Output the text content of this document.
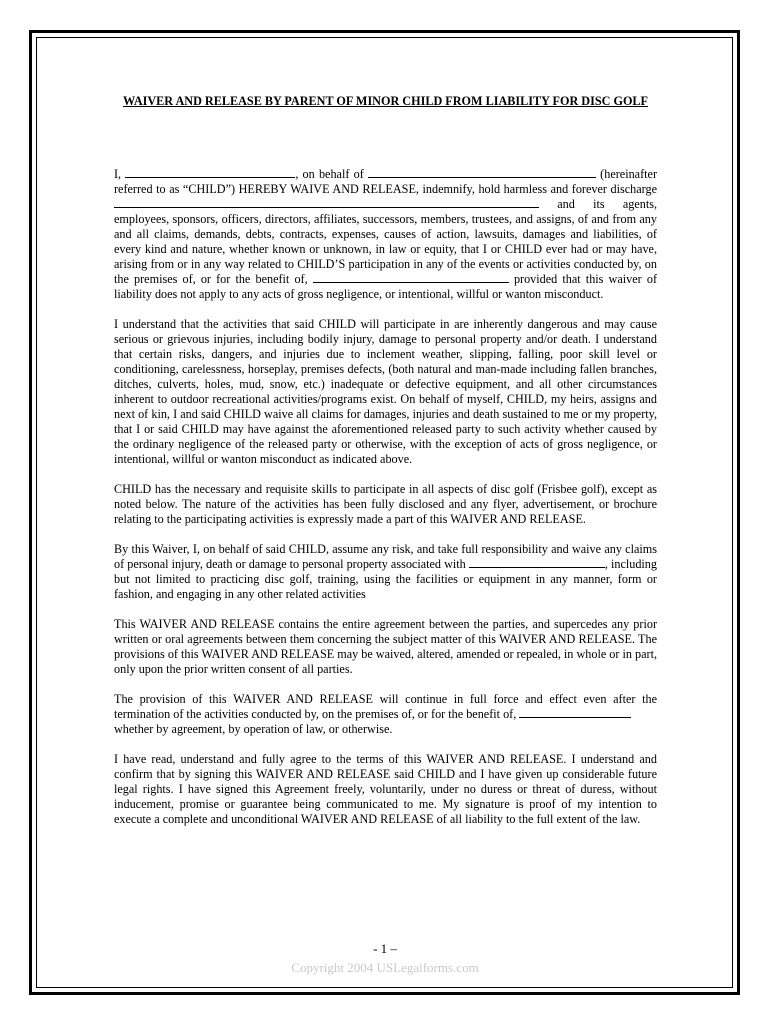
WAIVER AND RELEASE BY PARENT OF MINOR CHILD FROM LIABILITY FOR DISC GOLF

I,	, on behalf of	(hereinafter referred to as “CHILD”) HEREBY WAIVE AND RELEASE, indemnify, hold harmless and forever discharge  and its agents, employees, sponsors, officers, directors, affiliates, successors, members, trustees, and assigns, of and from any and all claims, demands, debts, contracts, expenses, causes of action, lawsuits, damages and liabilities, of every kind and nature, whether known or unknown, in law or equity, that I or CHILD ever had or may have, arising from or in any way related to CHILD’S participation in any of the events or activities conducted by, on the premises of, or for the benefit of,	provided that this waiver of liability does not apply to any acts of gross negligence, or intentional, willful or wanton misconduct.

I understand that the activities that said CHILD will participate in are inherently dangerous and may cause serious or grievous injuries, including bodily injury, damage to personal property and/or death. I understand that certain risks, dangers, and injuries due to inclement weather, slipping, falling, poor skill level or conditioning, carelessness, horseplay, premises defects, (both natural and man-made including fallen branches, ditches, culverts, holes, mud, snow, etc.) inadequate or defective equipment, and all other circumstances inherent to outdoor recreational activities/programs exist. On behalf of myself, CHILD, my heirs, assigns and next of kin, I and said CHILD waive all claims for damages, injuries and death sustained to me or my property, that I or said CHILD may have against the aforementioned released party to such activity whether caused by the ordinary negligence of the released party or otherwise, with the exception of acts of gross negligence, or intentional, willful or wanton misconduct as indicated above.

CHILD has the necessary and requisite skills to participate in all aspects of disc golf (Frisbee golf), except as noted below. The nature of the activities has been fully disclosed and any flyer, advertisement, or brochure relating to the participating activities is expressly made a part of this WAIVER AND RELEASE.

By this Waiver, I, on behalf of said CHILD, assume any risk, and take full responsibility and waive any claims of personal injury, death or damage to personal property associated with	, including but not limited to practicing disc golf, training, using the facilities or equipment in any manner, form or fashion, and engaging in any other related activities

This WAIVER AND RELEASE contains the entire agreement between the parties, and supercedes any prior written or oral agreements between them concerning the subject matter of this WAIVER AND RELEASE. The provisions of this WAIVER AND RELEASE may be waived, altered, amended or repealed, in whole or in part, only upon the prior written consent of all parties.

The provision of this WAIVER AND RELEASE will continue in full force and effect even after the termination of the activities conducted by, on the premises of, or for the benefit of,
whether by agreement, by operation of law, or otherwise.

I have read, understand and fully agree to the terms of this WAIVER AND RELEASE. I understand and confirm that by signing this WAIVER AND RELEASE said CHILD and I have given up considerable future legal rights. I have signed this Agreement freely, voluntarily, under no duress or threat of duress, without inducement, promise or guarantee being communicated to me. My signature is proof of my intention to execute a complete and unconditional WAIVER AND RELEASE of all liability to the full extent of the law.

- 1 –
Copyright 2004 USLegalforms.com
